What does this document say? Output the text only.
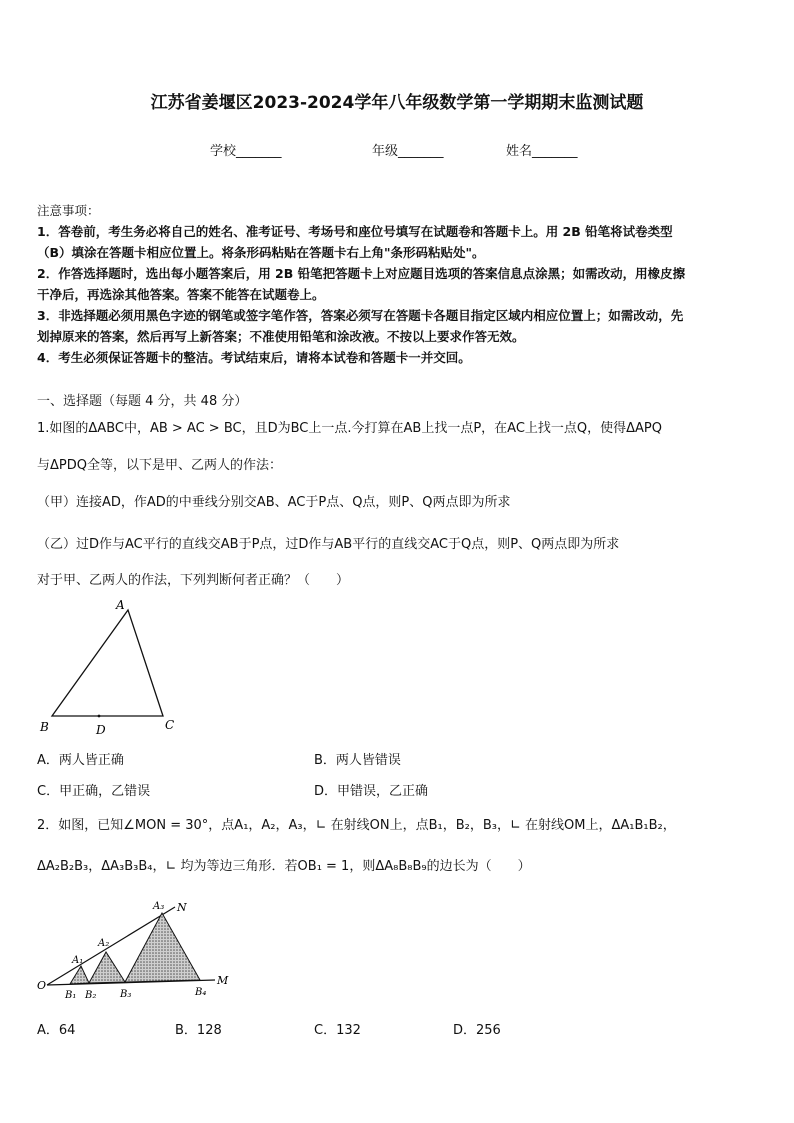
江苏省姜堰区2023-2024学年八年级数学第一学期期末监测试题
学校_______	年级_______	姓名_______
注意事项：

1．答卷前，考生务必将自己的姓名、准考证号、考场号和座位号填写在试题卷和答题卡上。用 2B 铅笔将试卷类型

（B）填涂在答题卡相应位置上。将条形码粘贴在答题卡右上角"条形码粘贴处"。

2．作答选择题时，选出每小题答案后，用 2B 铅笔把答题卡上对应题目选项的答案信息点涂黑；如需改动，用橡皮擦

干净后，再选涂其他答案。答案不能答在试题卷上。

3．非选择题必须用黑色字迹的钢笔或签字笔作答，答案必须写在答题卡各题目指定区域内相应位置上；如需改动，先

划掉原来的答案，然后再写上新答案；不准使用铅笔和涂改液。不按以上要求作答无效。

4．考生必须保证答题卡的整洁。考试结束后，请将本试卷和答题卡一并交回。

一、选择题（每题 4 分，共 48 分）
1.如图的ΔABC中，AB > AC > BC，且D为BC上一点.今打算在AB上找一点P，在AC上找一点Q，使得ΔAPQ
与ΔPDQ全等，以下是甲、乙两人的作法：
（甲）连接AD，作AD的中垂线分别交AB、AC于P点、Q点，则P、Q两点即为所求
（乙）过D作与AC平行的直线交AB于P点，过D作与AB平行的直线交AC于Q点，则P、Q两点即为所求
对于甲、乙两人的作法，下列判断何者正确？（　　）
A
B	C
D
A．两人皆正确	B．两人皆错误
C．甲正确，乙错误	D．甲错误，乙正确
2．如图，已知∠MON = 30°，点A₁，A₂，A₃，∟ 在射线ON上，点B₁，B₂，B₃，∟ 在射线OM上，ΔA₁B₁B₂，
ΔA₂B₂B₃，ΔA₃B₃B₄，∟ 均为等边三角形．若OB₁ = 1，则ΔA₈B₈B₉的边长为（　　）
O
N
M
A₁
A₂
A₃
B₁ B₂ B₃	B₄
A．64	B．128	C．132	D．256
